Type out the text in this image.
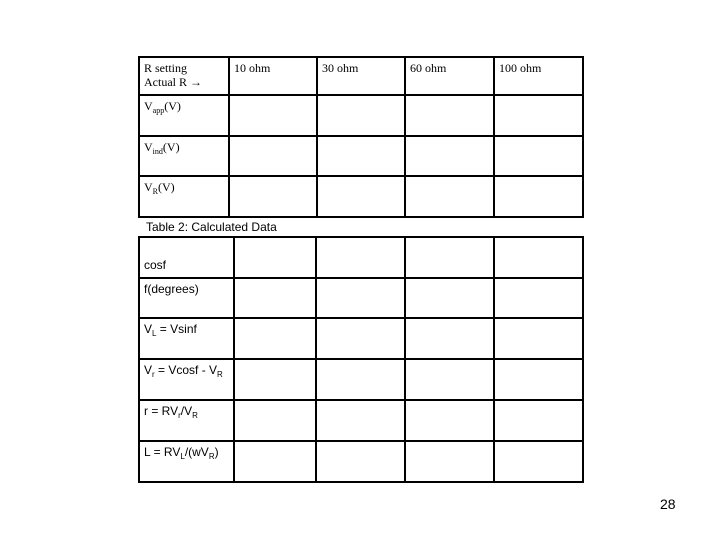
R setting
Actual R →	10 ohm	30 ohm	60 ohm	100 ohm
$V_{app}(V)$				
$V_{ind}(V)$				
$V_R(V)$				
Table 2: Calculated Data
cosf				
f(degrees)				
$V_L = Vsinf$				
$V_r = Vcosf - V_R$				
$r = RV_r/V_R$				
$L = RV_L/(wV_R)$				
28
